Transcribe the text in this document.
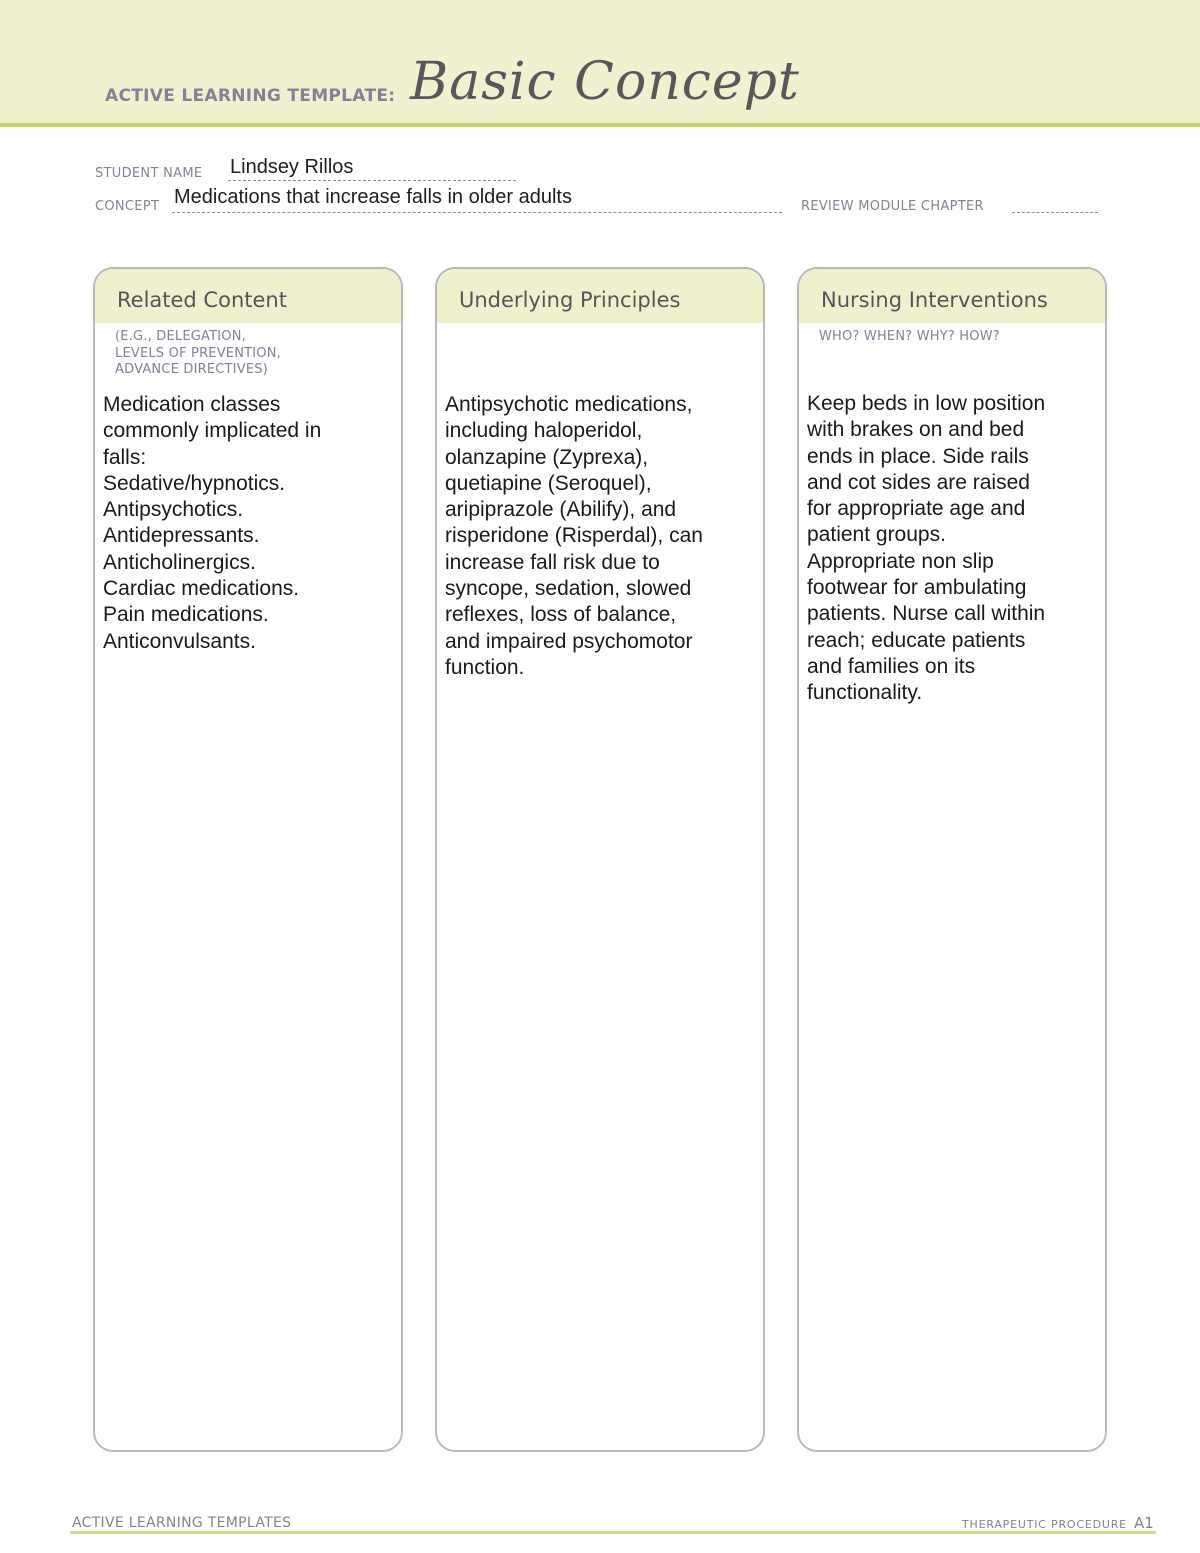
ACTIVE LEARNING TEMPLATE: Basic Concept
STUDENT NAME Lindsey Rillos
CONCEPT Medications that increase falls in older adults	REVIEW MODULE CHAPTER
Related Content
(E.G., DELEGATION,
LEVELS OF PREVENTION,
ADVANCE DIRECTIVES)
Medication classes
commonly implicated in
falls:
Sedative/hypnotics.
Antipsychotics.
Antidepressants.
Anticholinergics.
Cardiac medications.
Pain medications.
Anticonvulsants.
Underlying Principles
Antipsychotic medications,
including haloperidol,
olanzapine (Zyprexa),
quetiapine (Seroquel),
aripiprazole (Abilify), and
risperidone (Risperdal), can
increase fall risk due to
syncope, sedation, slowed
reflexes, loss of balance,
and impaired psychomotor
function.
Nursing Interventions
WHO? WHEN? WHY? HOW?
Keep beds in low position
with brakes on and bed
ends in place. Side rails
and cot sides are raised
for appropriate age and
patient groups.
Appropriate non slip
footwear for ambulating
patients. Nurse call within
reach; educate patients
and families on its
functionality.
ACTIVE LEARNING TEMPLATES	THERAPEUTIC PROCEDURE A1
